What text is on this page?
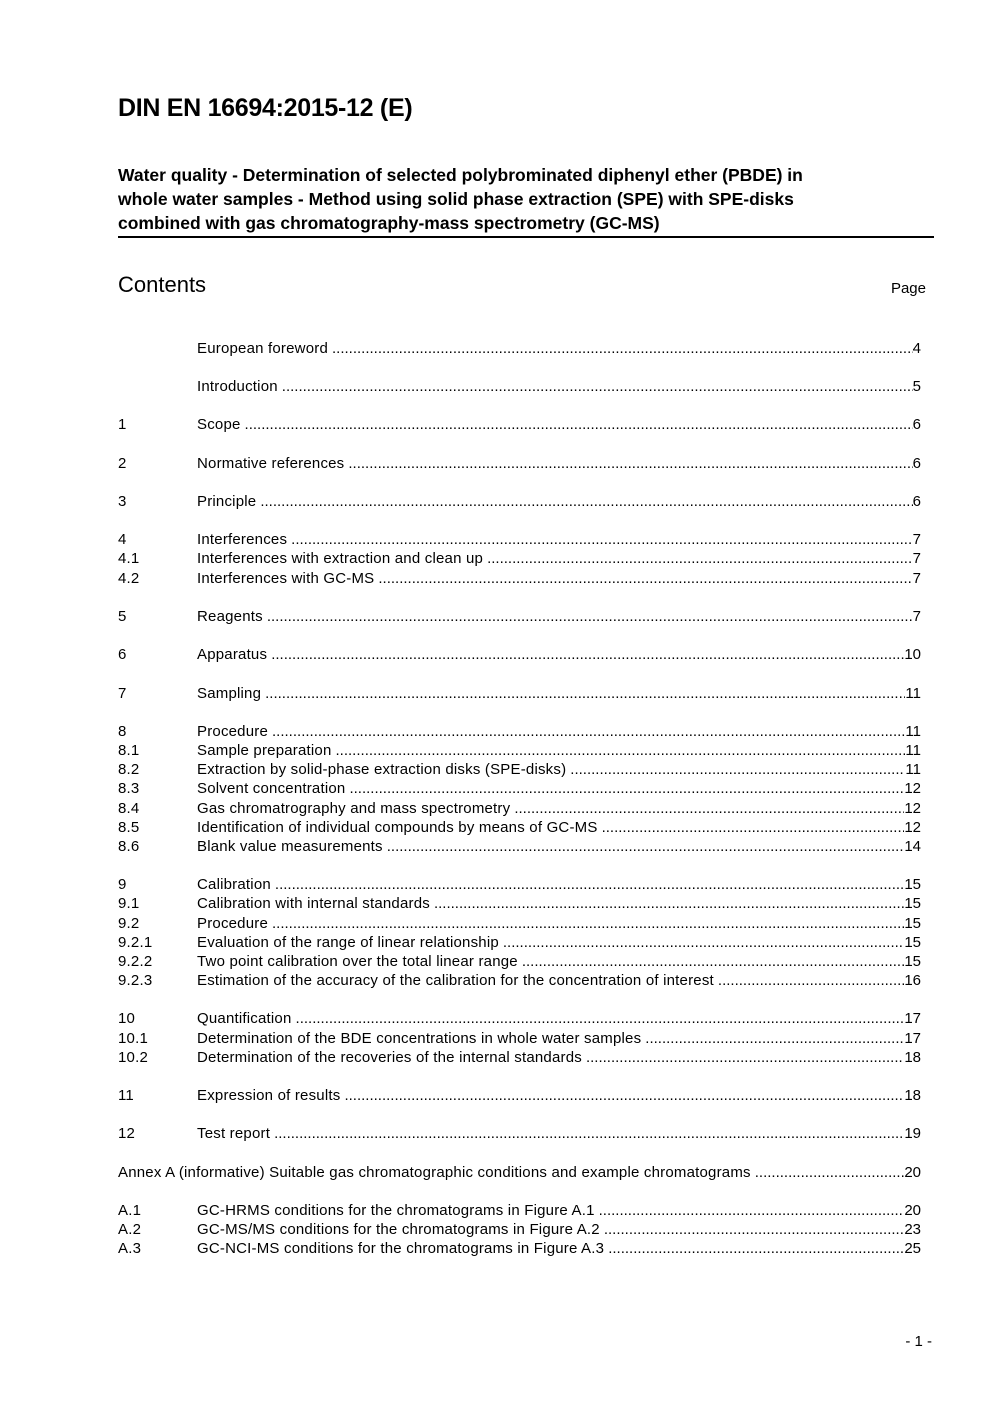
DIN EN 16694:2015-12 (E)
Water quality - Determination of selected polybrominated diphenyl ether (PBDE) in
whole water samples - Method using solid phase extraction (SPE) with SPE-disks
combined with gas chromatography-mass spectrometry (GC-MS)
Contents	Page
European foreword .....	4
Introduction .....	5
1	Scope .....	6
2	Normative references .....	6
3	Principle .....	6
4	Interferences .....	7
4.1	Interferences with extraction and clean up .....	7
4.2	Interferences with GC-MS .....	7
5	Reagents .....	7
6	Apparatus .....	10
7	Sampling .....	11
8	Procedure .....	11
8.1	Sample preparation .....	11
8.2	Extraction by solid-phase extraction disks (SPE-disks) .....	11
8.3	Solvent concentration .....	12
8.4	Gas chromatrography and mass spectrometry .....	12
8.5	Identification of individual compounds by means of GC-MS .....	12
8.6	Blank value measurements .....	14
9	Calibration .....	15
9.1	Calibration with internal standards .....	15
9.2	Procedure .....	15
9.2.1	Evaluation of the range of linear relationship .....	15
9.2.2	Two point calibration over the total linear range .....	15
9.2.3	Estimation of the accuracy of the calibration for the concentration of interest .....	16
10	Quantification .....	17
10.1	Determination of the BDE concentrations in whole water samples .....	17
10.2	Determination of the recoveries of the internal standards .....	18
11	Expression of results .....	18
12	Test report .....	19
Annex A (informative) Suitable gas chromatographic conditions and example chromatograms .....	20
A.1	GC-HRMS conditions for the chromatograms in Figure A.1 .....	20
A.2	GC-MS/MS conditions for the chromatograms in Figure A.2 .....	23
A.3	GC-NCI-MS conditions for the chromatograms in Figure A.3 .....	25
- 1 -
